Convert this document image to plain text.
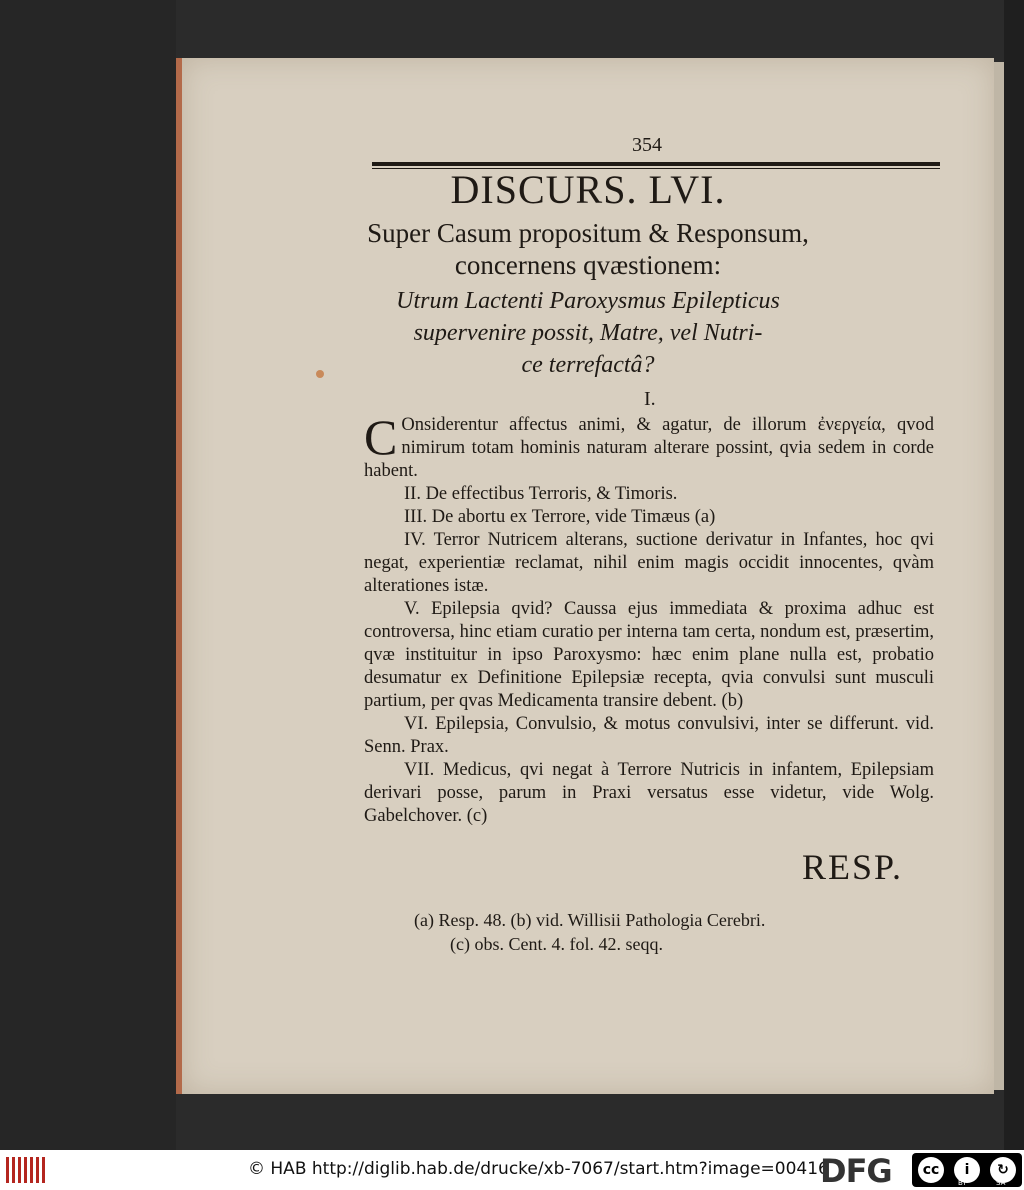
354
DISCURS. LVI.
Super Casum propositum & Responsum,
concernens qvæstionem:
Utrum Lactenti Paroxysmus Epilepticus
supervenire possit, Matre, vel Nutri-
ce terrefactâ?
I.

C Onsiderentur affectus animi, & agatur, de illorum ἐνεργεία, qvod nimirum totam hominis naturam alterare possint, qvia sedem in corde habent.

II. De effectibus Terroris, & Timoris.

III. De abortu ex Terrore, vide Timæus (a)

IV. Terror Nutricem alterans, suctione derivatur in Infantes, hoc qvi negat, experientiæ reclamat, nihil enim magis occidit innocentes, qvàm alterationes istæ.

V. Epilepsia qvid? Caussa ejus immediata & proxima adhuc est controversa, hinc etiam curatio per interna tam certa, nondum est, præsertim, qvæ instituitur in ipso Paroxysmo: hæc enim plane nulla est, probatio desumatur ex Definitione Epilepsiæ recepta, qvia convulsi sunt musculi partium, per qvas Medicamenta transire debent. (b)

VI. Epilepsia, Convulsio, & motus convulsivi, inter se differunt. vid. Senn. Prax.

VII. Medicus, qvi negat à Terrore Nutricis in infantem, Epilepsiam derivari posse, parum in Praxi versatus esse videtur, vide Wolg. Gabelchover. (c)

RESP.
(a) Resp. 48. (b) vid. Willisii Pathologia Cerebri.
(c) obs. Cent. 4. fol. 42. seqq.
© HAB http://diglib.hab.de/drucke/xb-7067/start.htm?image=00416
DFG	cc	i	↻
BY	SA
